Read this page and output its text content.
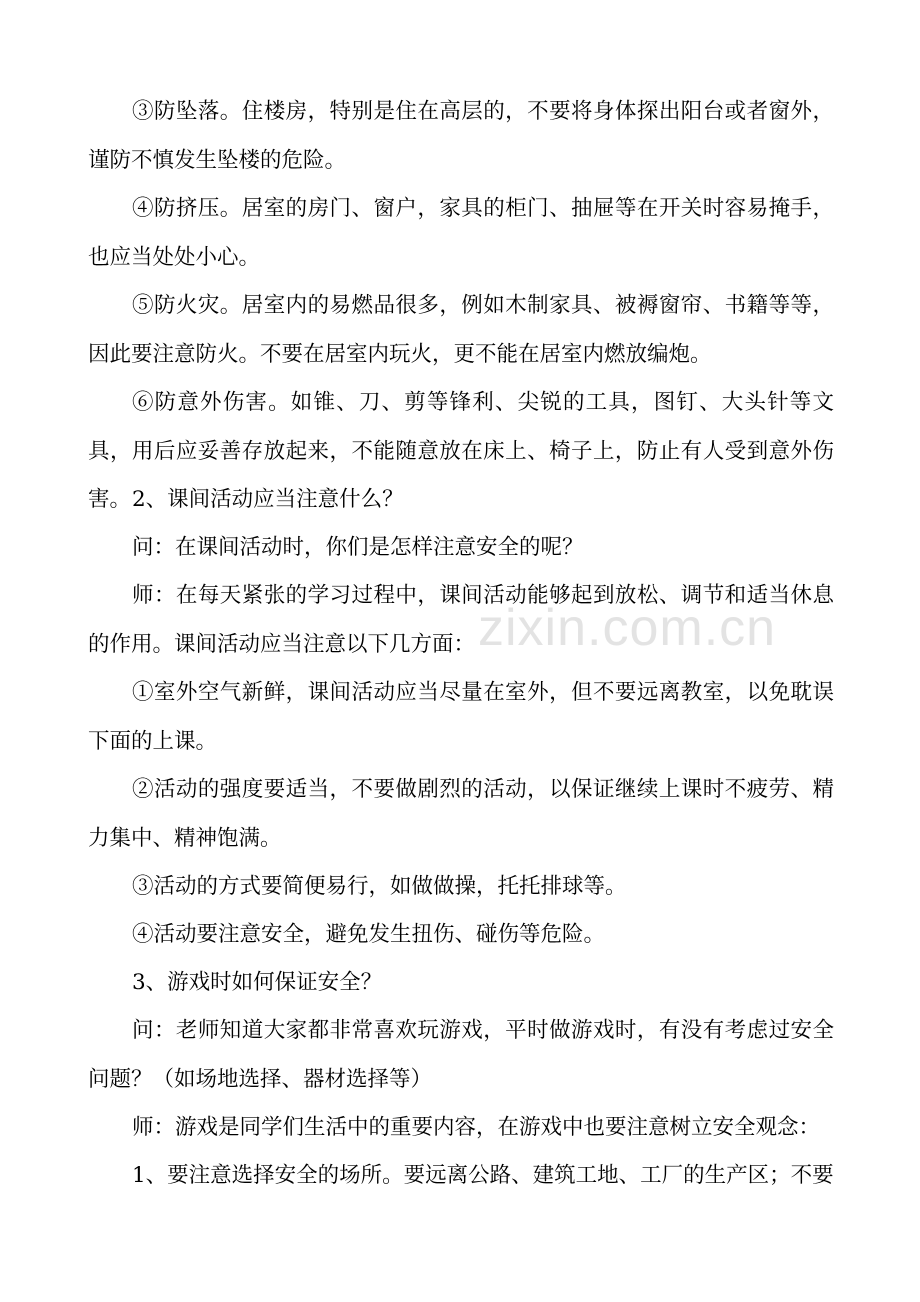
zixin.com.cn

③防坠落。住楼房，特别是住在高层的，不要将身体探出阳台或者窗外，谨防不慎发生坠楼的危险。

④防挤压。居室的房门、窗户，家具的柜门、抽屉等在开关时容易掩手，也应当处处小心。

⑤防火灾。居室内的易燃品很多，例如木制家具、被褥窗帘、书籍等等，因此要注意防火。不要在居室内玩火，更不能在居室内燃放编炮。

⑥防意外伤害。如锥、刀、剪等锋利、尖锐的工具，图钉、大头针等文具，用后应妥善存放起来，不能随意放在床上、椅子上，防止有人受到意外伤害。 2、课间活动应当注意什么？

问：在课间活动时，你们是怎样注意安全的呢？

师：在每天紧张的学习过程中，课间活动能够起到放松、调节和适当休息的作用。课间活动应当注意以下几方面：

①室外空气新鲜，课间活动应当尽量在室外，但不要远离教室，以免耽误下面的上课。

②活动的强度要适当，不要做剧烈的活动，以保证继续上课时不疲劳、精力集中、精神饱满。

③活动的方式要简便易行，如做做操，托托排球等。

④活动要注意安全，避免发生扭伤、碰伤等危险。

3、游戏时如何保证安全？

问：老师知道大家都非常喜欢玩游戏，平时做游戏时，有没有考虑过安全问题？（如场地选择、器材选择等）

师：游戏是同学们生活中的重要内容，在游戏中也要注意树立安全观念：

1、要注意选择安全的场所。要远离公路、建筑工地、工厂的生产区；不要
